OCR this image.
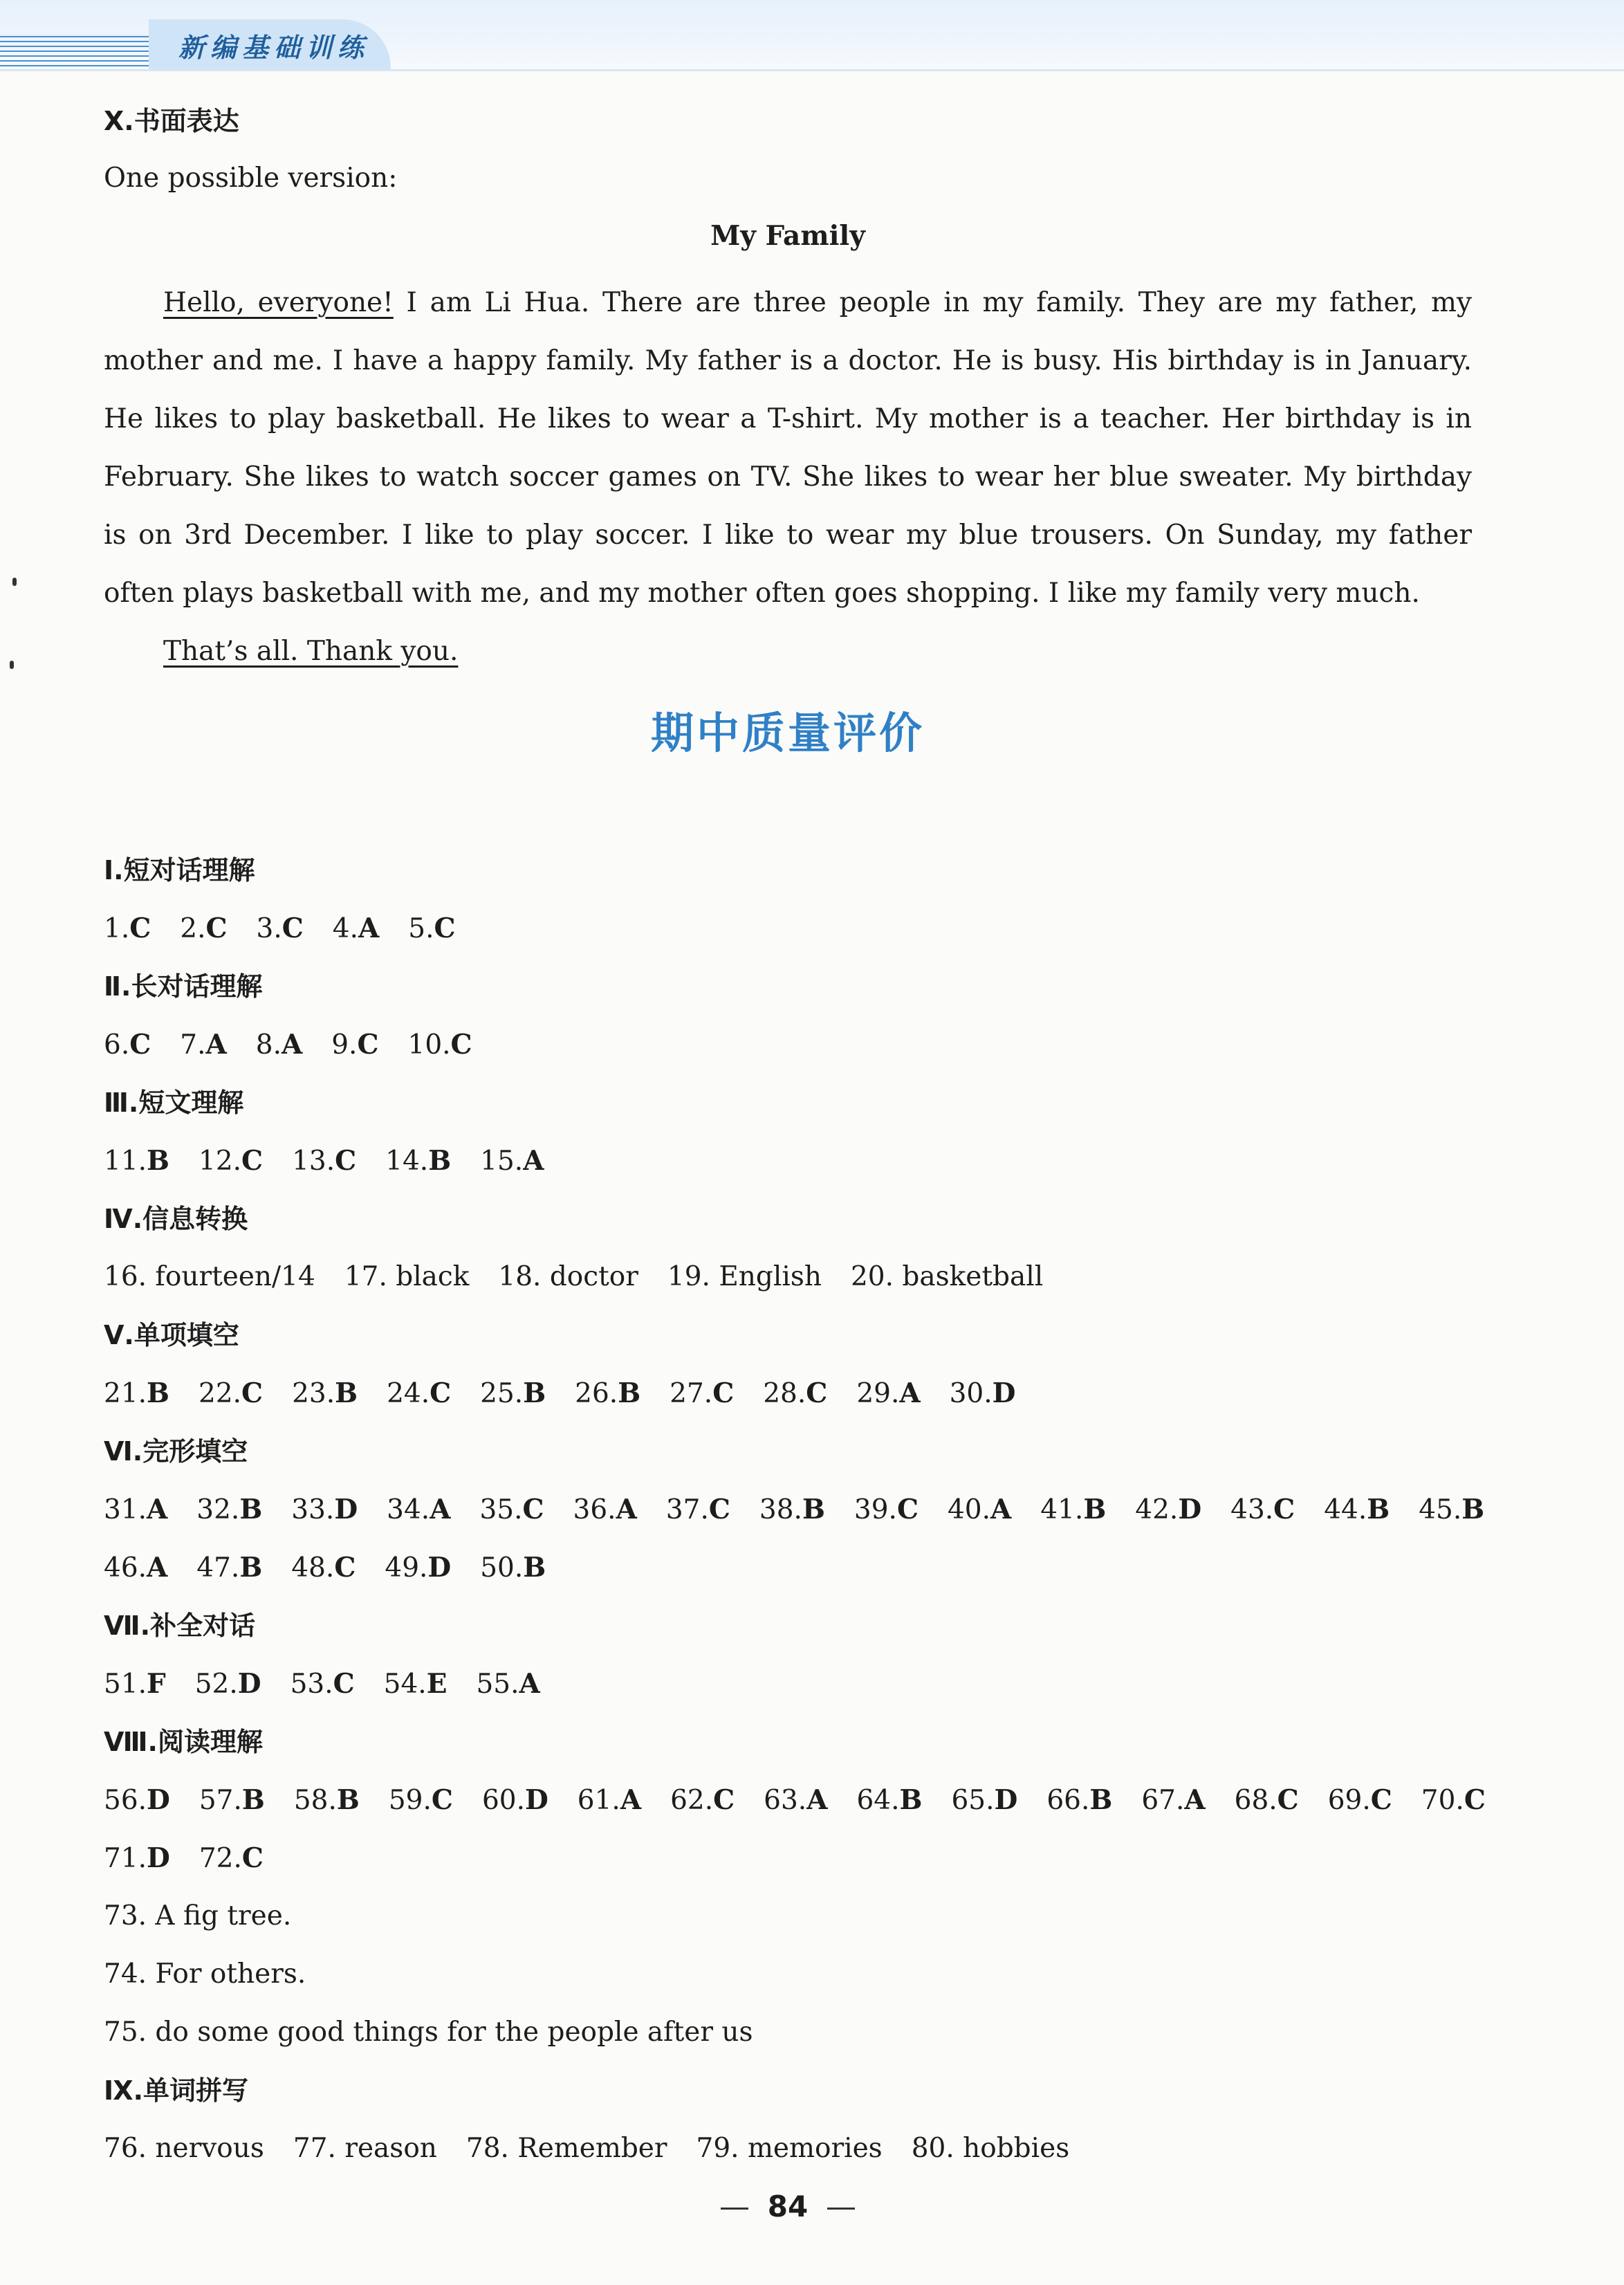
新编基础训练
Ⅹ.书面表达
One possible version:
My Family

Hello, everyone! I am Li Hua. There are three people in my family. They are my father, my mother and me. I have a happy family. My father is a doctor. He is busy. His birthday is in January. He likes to play basketball. He likes to wear a T-shirt. My mother is a teacher. Her birthday is in February. She likes to watch soccer games on TV. She likes to wear her blue sweater. My birthday is on 3rd December. I like to play soccer. I like to wear my blue trousers. On Sunday, my father often plays basketball with me, and my mother often goes shopping. I like my family very much.

That’s all. Thank you.

期中质量评价
Ⅰ.短对话理解
1.C 2.C 3.C 4.A 5.C
Ⅱ.长对话理解
6.C 7.A 8.A 9.C 10.C
Ⅲ.短文理解
11.B 12.C 13.C 14.B 15.A
Ⅳ.信息转换
16. fourteen/14 17. black 18. doctor 19. English 20. basketball
Ⅴ.单项填空
21.B 22.C 23.B 24.C 25.B 26.B 27.C 28.C 29.A 30.D
Ⅵ.完形填空
31.A 32.B 33.D 34.A 35.C 36.A 37.C 38.B 39.C 40.A 41.B 42.D 43.C 44.B 45.B
46.A 47.B 48.C 49.D 50.B
Ⅶ.补全对话
51.F 52.D 53.C 54.E 55.A
Ⅷ.阅读理解
56.D 57.B 58.B 59.C 60.D 61.A 62.C 63.A 64.B 65.D 66.B 67.A 68.C 69.C 70.C
71.D 72.C
73. A fig tree.
74. For others.
75. do some good things for the people after us
Ⅸ.单词拼写
76. nervous 77. reason 78. Remember 79. memories 80. hobbies
84
